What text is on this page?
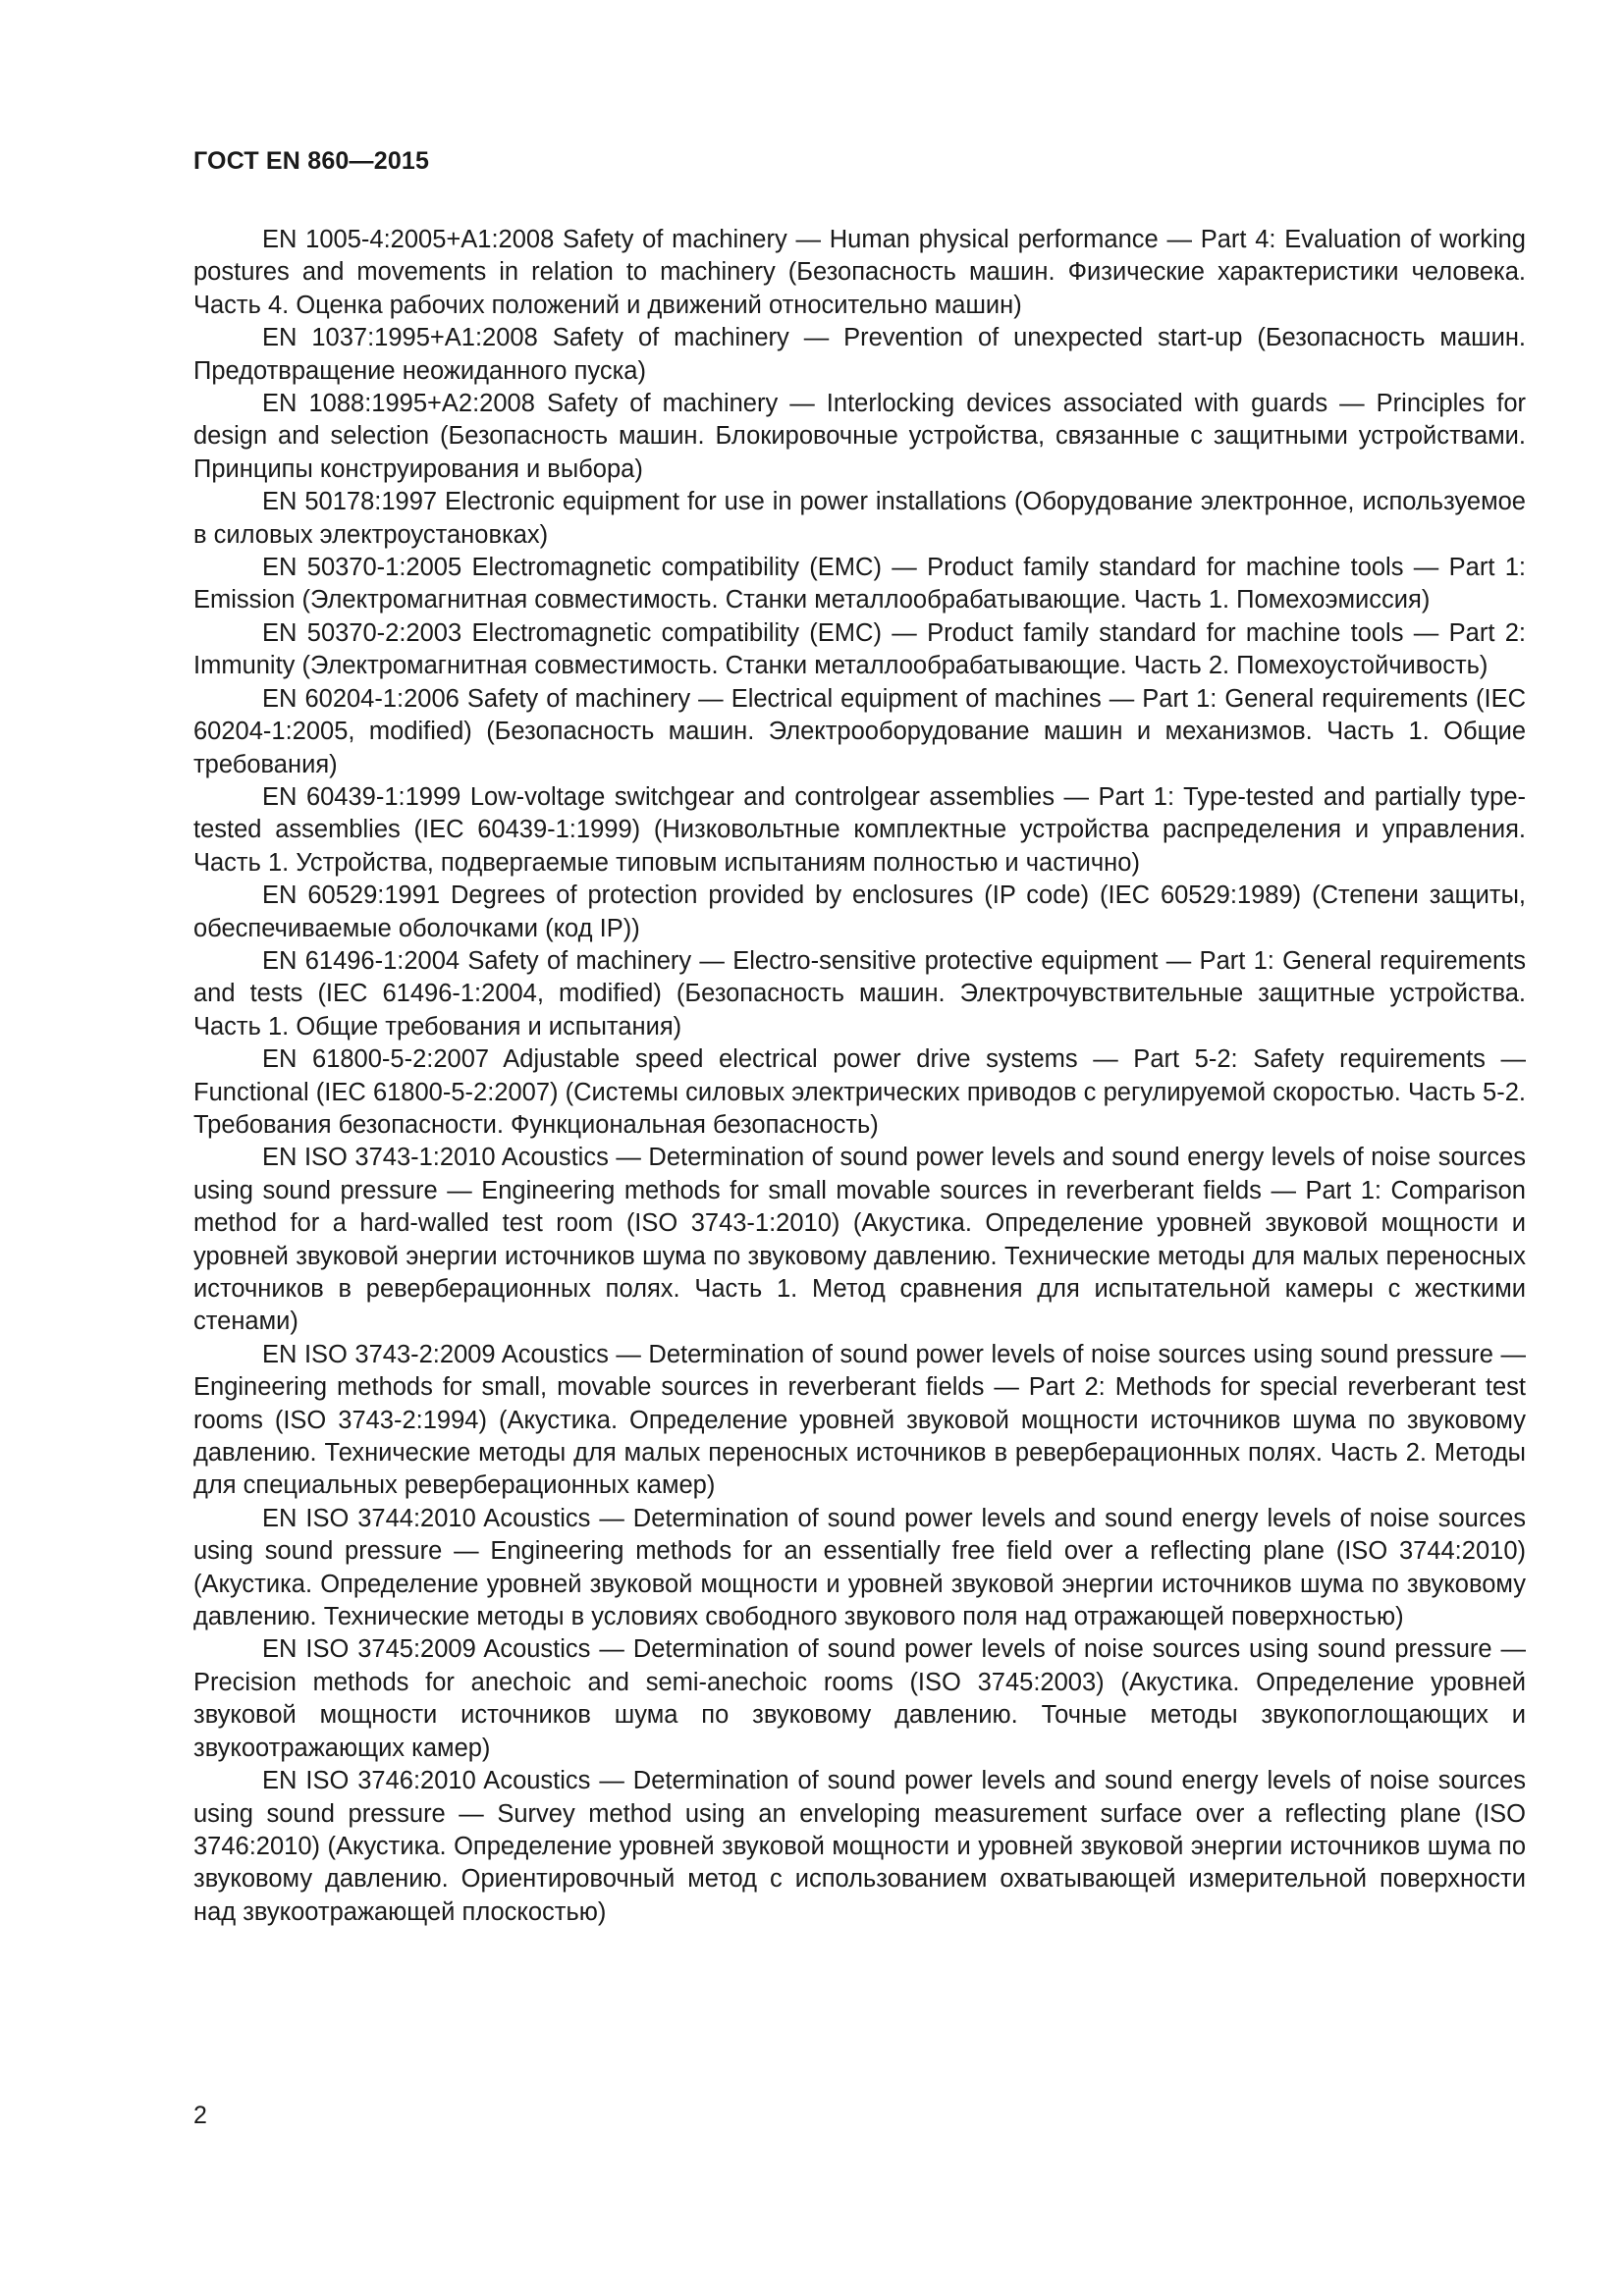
ГОСТ EN 860—2015

EN 1005-4:2005+A1:2008 Safety of machinery — Human physical performance — Part 4: Evaluation of working postures and movements in relation to machinery (Безопасность машин. Физические характеристики человека. Часть 4. Оценка рабочих положений и движений относительно машин)

EN 1037:1995+A1:2008 Safety of machinery — Prevention of unexpected start-up (Безопасность машин. Предотвращение неожиданного пуска)

EN 1088:1995+A2:2008 Safety of machinery — Interlocking devices associated with guards — Principles for design and selection (Безопасность машин. Блокировочные устройства, связанные с защитными устройствами. Принципы конструирования и выбора)

EN 50178:1997 Electronic equipment for use in power installations (Оборудование электронное, используемое в силовых электроустановках)

EN 50370-1:2005 Electromagnetic compatibility (EMC) — Product family standard for machine tools — Part 1: Emission (Электромагнитная совместимость. Станки металлообрабатывающие. Часть 1. Помехоэмиссия)

EN 50370-2:2003 Electromagnetic compatibility (EMC) — Product family standard for machine tools — Part 2: Immunity (Электромагнитная совместимость. Станки металлообрабатывающие. Часть 2. Помехоустойчивость)

EN 60204-1:2006 Safety of machinery — Electrical equipment of machines — Part 1: General requirements (IEC 60204-1:2005, modified) (Безопасность машин. Электрооборудование машин и механизмов. Часть 1. Общие требования)

EN 60439-1:1999 Low-voltage switchgear and controlgear assemblies — Part 1: Type-tested and partially type-tested assemblies (IEC 60439-1:1999) (Низковольтные комплектные устройства распределения и управления. Часть 1. Устройства, подвергаемые типовым испытаниям полностью и частично)

EN 60529:1991 Degrees of protection provided by enclosures (IP code) (IEC 60529:1989) (Степени защиты, обеспечиваемые оболочками (код IP))

EN 61496-1:2004 Safety of machinery — Electro-sensitive protective equipment — Part 1: General requirements and tests (IEC 61496-1:2004, modified) (Безопасность машин. Электрочувствительные защитные устройства. Часть 1. Общие требования и испытания)

EN 61800-5-2:2007 Adjustable speed electrical power drive systems — Part 5-2: Safety requirements — Functional (IEC 61800-5-2:2007) (Системы силовых электрических приводов с регулируемой скоростью. Часть 5-2. Требования безопасности. Функциональная безопасность)

EN ISO 3743-1:2010 Acoustics — Determination of sound power levels and sound energy levels of noise sources using sound pressure — Engineering methods for small movable sources in reverberant fields — Part 1: Comparison method for a hard-walled test room (ISO 3743-1:2010) (Акустика. Определение уровней звуковой мощности и уровней звуковой энергии источников шума по звуковому давлению. Технические методы для малых переносных источников в реверберационных полях. Часть 1. Метод сравнения для испытательной камеры с жесткими стенами)

EN ISO 3743-2:2009 Acoustics — Determination of sound power levels of noise sources using sound pressure — Engineering methods for small, movable sources in reverberant fields — Part 2: Methods for special reverberant test rooms (ISO 3743-2:1994) (Акустика. Определение уровней звуковой мощности источников шума по звуковому давлению. Технические методы для малых переносных источников в реверберационных полях. Часть 2. Методы для специальных реверберационных камер)

EN ISO 3744:2010 Acoustics — Determination of sound power levels and sound energy levels of noise sources using sound pressure — Engineering methods for an essentially free field over a reflecting plane (ISO 3744:2010) (Акустика. Определение уровней звуковой мощности и уровней звуковой энергии источников шума по звуковому давлению. Технические методы в условиях свободного звукового поля над отражающей поверхностью)

EN ISO 3745:2009 Acoustics — Determination of sound power levels of noise sources using sound pressure — Precision methods for anechoic and semi-anechoic rooms (ISO 3745:2003) (Акустика. Определение уровней звуковой мощности источников шума по звуковому давлению. Точные методы звукопоглощающих и звукоотражающих камер)

EN ISO 3746:2010 Acoustics — Determination of sound power levels and sound energy levels of noise sources using sound pressure — Survey method using an enveloping measurement surface over a reflecting plane (ISO 3746:2010) (Акустика. Определение уровней звуковой мощности и уровней звуковой энергии источников шума по звуковому давлению. Ориентировочный метод с использованием охватывающей измерительной поверхности над звукоотражающей плоскостью)

2
